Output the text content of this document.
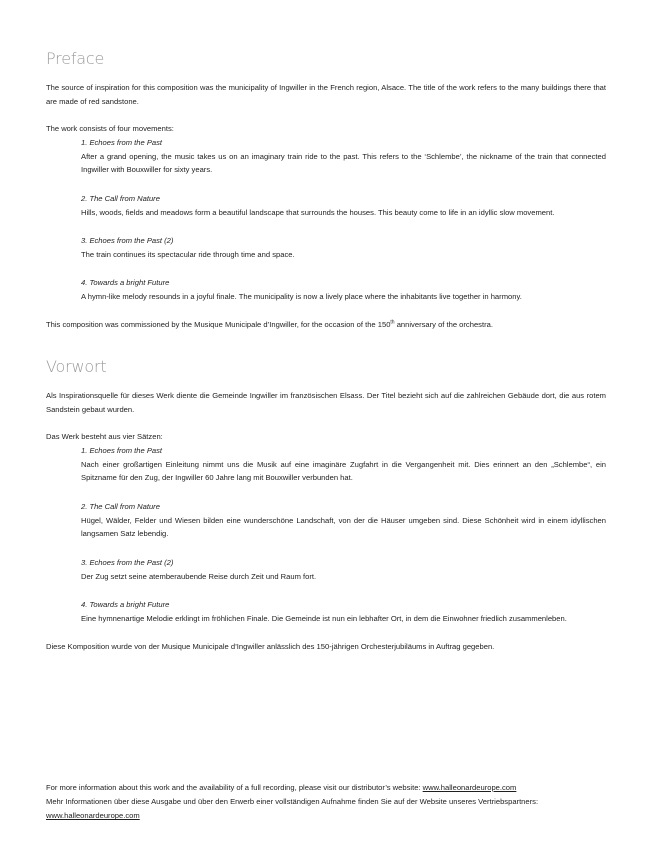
Preface

The source of inspiration for this composition was the municipality of Ingwiller in the French region, Alsace. The title of the work refers to the many buildings there that are made of red sandstone.

The work consists of four movements:

1. Echoes from the Past

After a grand opening, the music takes us on an imaginary train ride to the past. This refers to the ‘Schlembe’, the nickname of the train that connected Ingwiller with Bouxwiller for sixty years.

2. The Call from Nature

Hills, woods, fields and meadows form a beautiful landscape that surrounds the houses. This beauty come to life in an idyllic slow movement.

3. Echoes from the Past (2)

The train continues its spectacular ride through time and space.

4. Towards a bright Future

A hymn-like melody resounds in a joyful finale. The municipality is now a lively place where the inhabitants live together in harmony.

This composition was commissioned by the Musique Municipale d’Ingwiller, for the occasion of the 150th anniversary of the orchestra.

Vorwort

Als Inspirationsquelle für dieses Werk diente die Gemeinde Ingwiller im französischen Elsass. Der Titel bezieht sich auf die zahlreichen Gebäude dort, die aus rotem Sandstein gebaut wurden.

Das Werk besteht aus vier Sätzen:

1. Echoes from the Past

Nach einer großartigen Einleitung nimmt uns die Musik auf eine imaginäre Zugfahrt in die Vergangenheit mit. Dies erinnert an den „Schlembe“, ein Spitzname für den Zug, der Ingwiller 60 Jahre lang mit Bouxwiller verbunden hat.

2. The Call from Nature

Hügel, Wälder, Felder und Wiesen bilden eine wunderschöne Landschaft, von der die Häuser umgeben sind. Diese Schönheit wird in einem idyllischen langsamen Satz lebendig.

3. Echoes from the Past (2)

Der Zug setzt seine atemberaubende Reise durch Zeit und Raum fort.

4. Towards a bright Future

Eine hymnenartige Melodie erklingt im fröhlichen Finale. Die Gemeinde ist nun ein lebhafter Ort, in dem die Einwohner friedlich zusammenleben.

Diese Komposition wurde von der Musique Municipale d’Ingwiller anlässlich des 150-jährigen Orchesterjubiläums in Auftrag gegeben.

For more information about this work and the availability of a full recording, please visit our distributor’s website: www.halleonardeurope.com

Mehr Informationen über diese Ausgabe und über den Erwerb einer vollständigen Aufnahme finden Sie auf der Website unseres Vertriebspartners:

www.halleonardeurope.com
